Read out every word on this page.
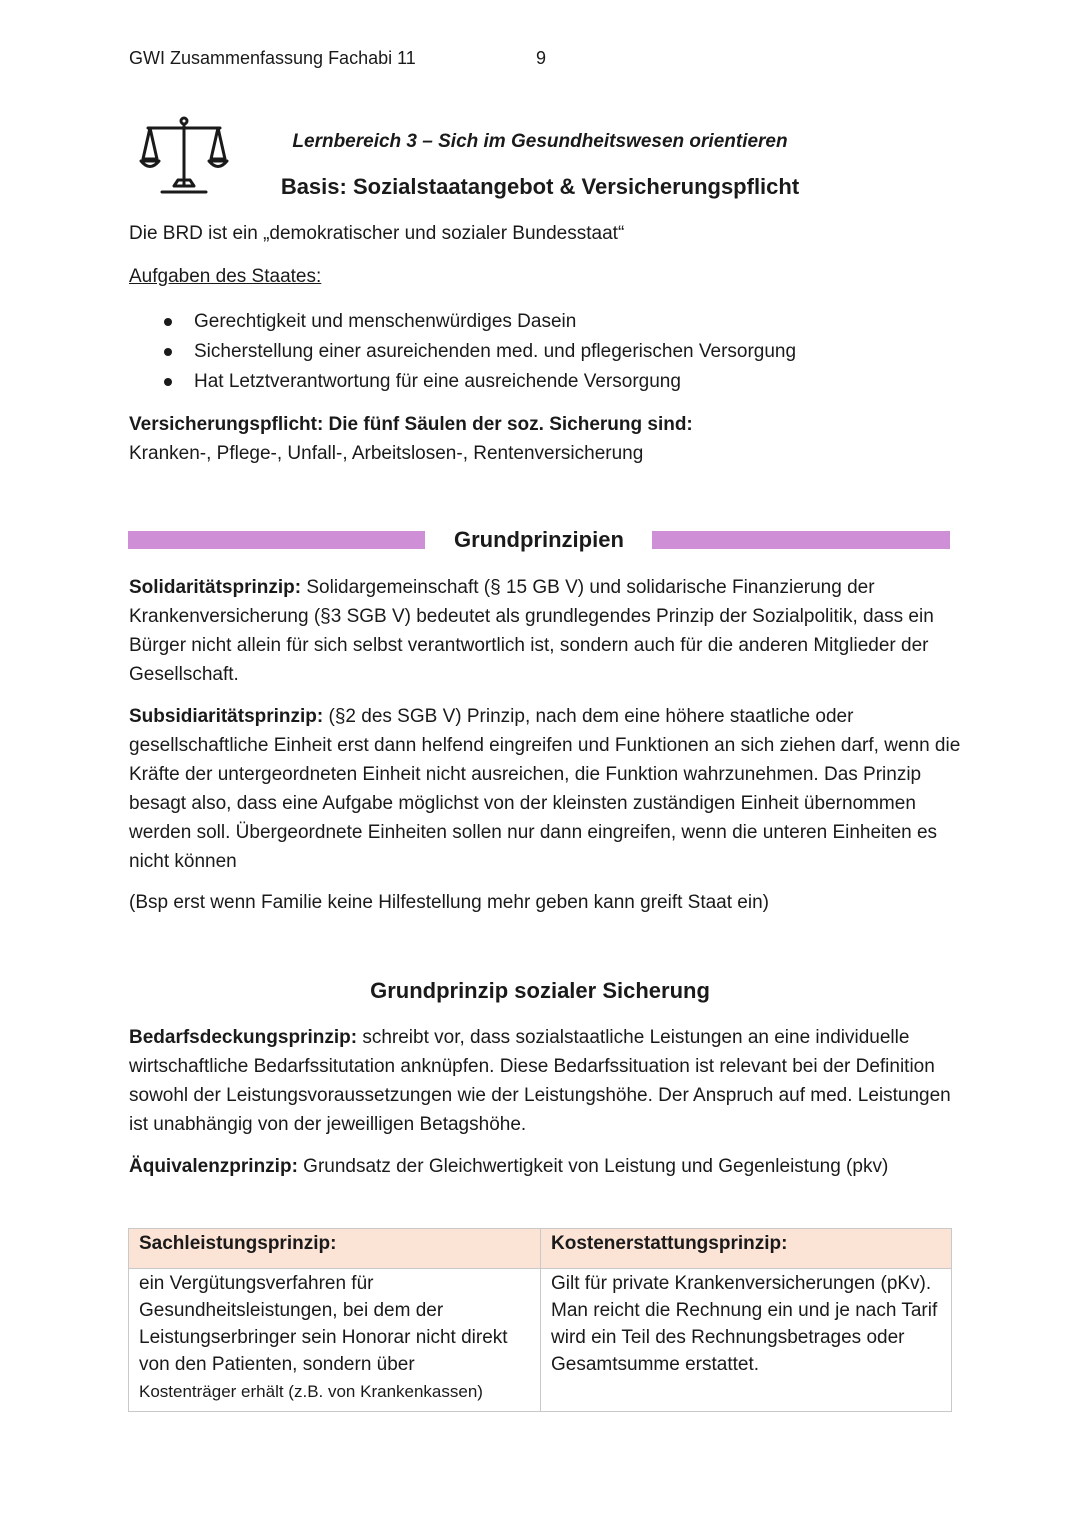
GWI Zusammenfassung Fachabi 11	9
Lernbereich 3 – Sich im Gesundheitswesen orientieren
Basis: Sozialstaatangebot & Versicherungspflicht

Die BRD ist ein „demokratischer und sozialer Bundesstaat“

Aufgaben des Staates:

Gerechtigkeit und menschenwürdiges Dasein
Sicherstellung einer asureichenden med. und pflegerischen Versorgung
Hat Letztverantwortung für eine ausreichende Versorgung

Versicherungspflicht: Die fünf Säulen der soz. Sicherung sind:

Kranken-, Pflege-, Unfall-, Arbeitslosen-, Rentenversicherung

Grundprinzipien

Solidaritätsprinzip: Solidargemeinschaft (§ 15 GB V) und solidarische Finanzierung der Krankenversicherung (§3 SGB V) bedeutet als grundlegendes Prinzip der Sozialpolitik, dass ein Bürger nicht allein für sich selbst verantwortlich ist, sondern auch für die anderen Mitglieder der Gesellschaft.

Subsidiaritätsprinzip: (§2 des SGB V) Prinzip, nach dem eine höhere staatliche oder gesellschaftliche Einheit erst dann helfend eingreifen und Funktionen an sich ziehen darf, wenn die Kräfte der untergeordneten Einheit nicht ausreichen, die Funktion wahrzunehmen. Das Prinzip besagt also, dass eine Aufgabe möglichst von der kleinsten zuständigen Einheit übernommen werden soll. Übergeordnete Einheiten sollen nur dann eingreifen, wenn die unteren Einheiten es nicht können

(Bsp erst wenn Familie keine Hilfestellung mehr geben kann greift Staat ein)

Grundprinzip sozialer Sicherung

Bedarfsdeckungsprinzip: schreibt vor, dass sozialstaatliche Leistungen an eine individuelle wirtschaftliche Bedarfssitutation anknüpfen. Diese Bedarfssituation ist relevant bei der Definition sowohl der Leistungsvoraussetzungen wie der Leistungshöhe. Der Anspruch auf med. Leistungen ist unabhängig von der jeweilligen Betagshöhe.

Äquivalenzprinzip: Grundsatz der Gleichwertigkeit von Leistung und Gegenleistung (pkv)

Sachleistungsprinzip:	Kostenerstattungsprinzip:
ein Vergütungsverfahren für Gesundheitsleistungen, bei dem der Leistungserbringer sein Honorar nicht direkt von den Patienten, sondern über
Kostenträger erhält (z.B. von Krankenkassen)	Gilt für private Krankenversicherungen (pKv). Man reicht die Rechnung ein und je nach Tarif wird ein Teil des Rechnungsbetrages oder Gesamtsumme erstattet.
